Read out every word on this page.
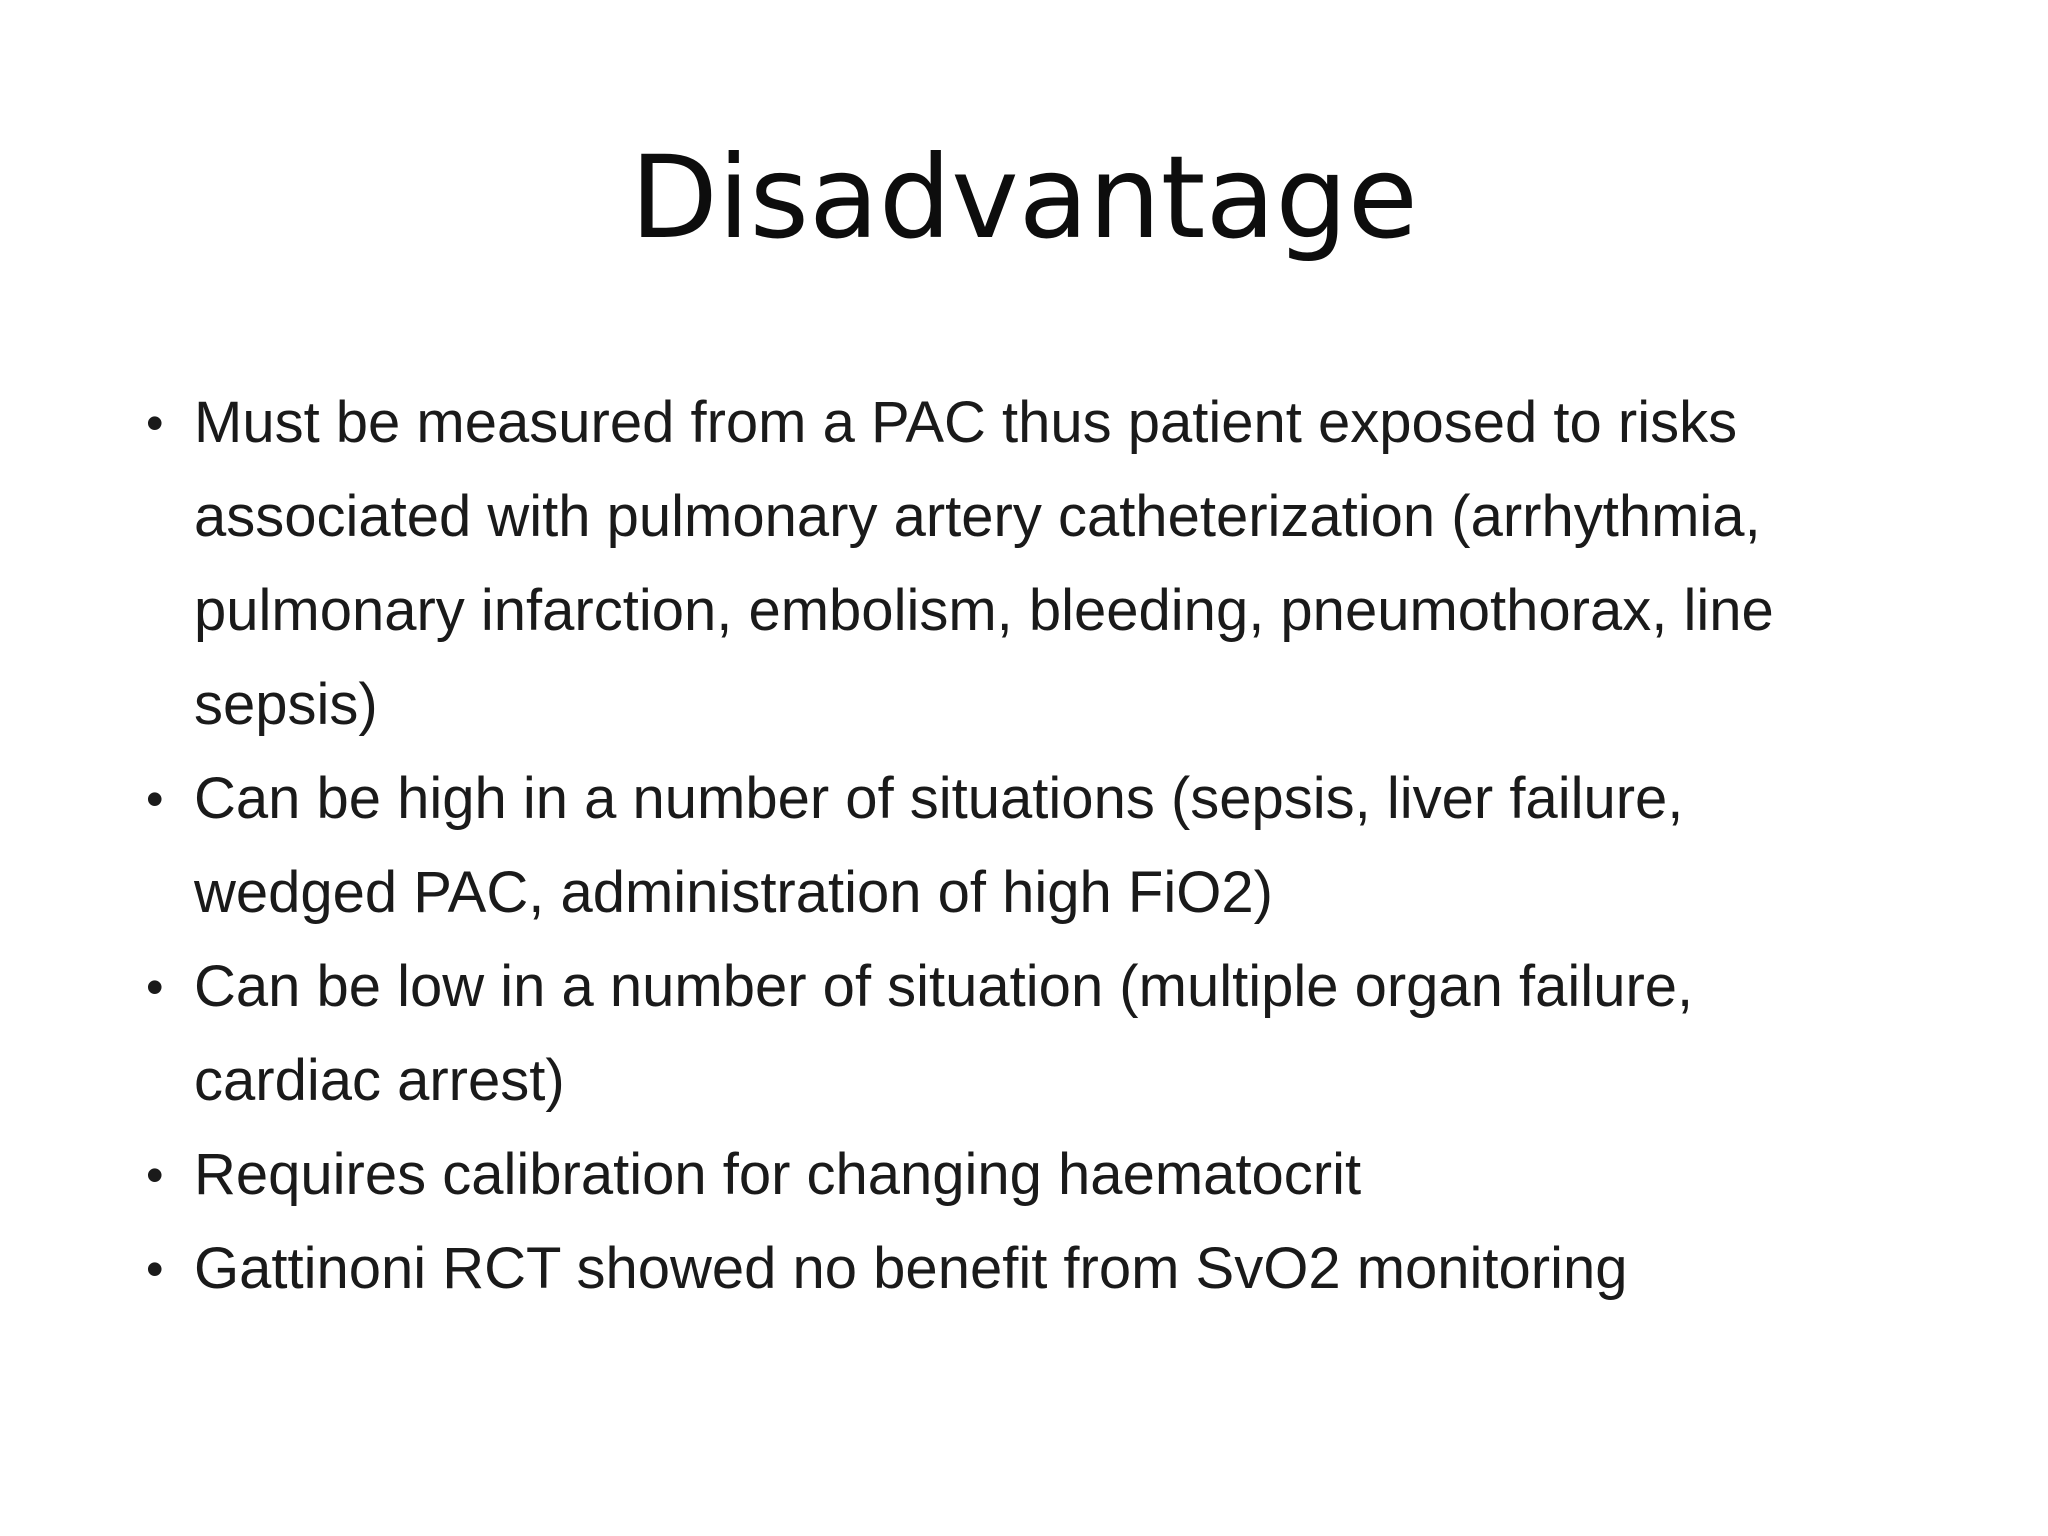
Disadvantage
• Must be measured from a PAC thus patient exposed to risks
associated with pulmonary artery catheterization (arrhythmia,
pulmonary infarction, embolism, bleeding, pneumothorax, line
sepsis)
• Can be high in a number of situations (sepsis, liver failure,
wedged PAC, administration of high FiO2)
• Can be low in a number of situation (multiple organ failure,
cardiac arrest)
• Requires calibration for changing haematocrit
• Gattinoni RCT showed no benefit from SvO2 monitoring
